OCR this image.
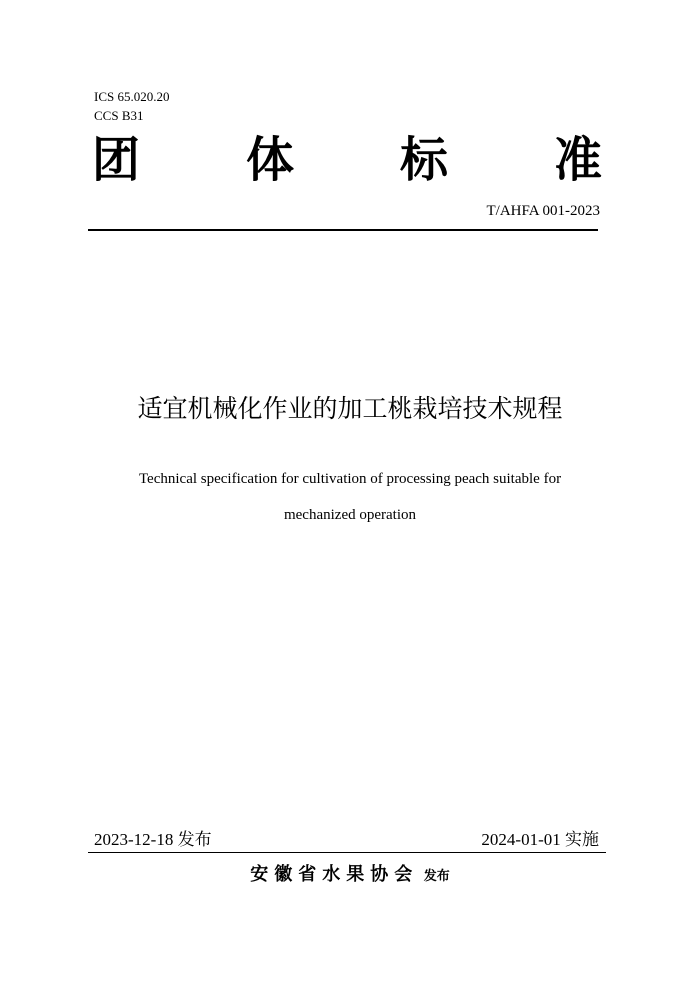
ICS 65.020.20
CCS B31
团 体 标 准
T/AHFA 001-2023
适宜机械化作业的加工桃栽培技术规程
Technical specification for cultivation of processing peach suitable for
mechanized operation
2023-12-18 发布	2024-01-01 实施
安徽省水果协会 发布
